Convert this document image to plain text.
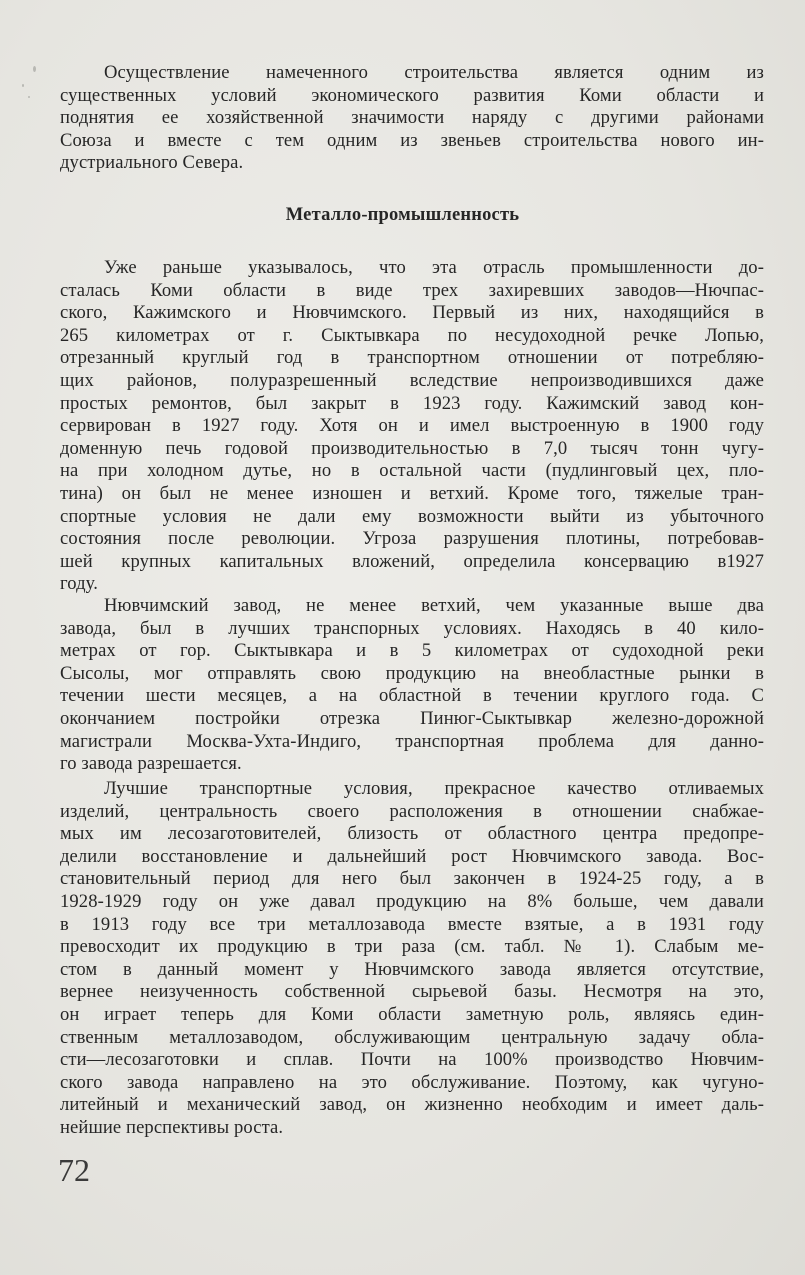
Осуществление намеченного строительства является одним из
существенных условий экономического развития Коми области и
поднятия ее хозяйственной значимости наряду с другими районами
Союза и вместе с тем одним из звеньев строительства нового ин-
дустриального Севера.
Металло-промышленность
Уже раньше указывалось, что эта отрасль промышленности до-
сталась Коми области в виде трех захиревших заводов—Нючпас-
ского, Кажимского и Нювчимского. Первый из них, находящийся в
265 километрах от г. Сыктывкара по несудоходной речке Лопью,
отрезанный круглый год в транспортном отношении от потребляю-
щих районов, полуразрешенный вследствие непроизводившихся даже
простых ремонтов, был закрыт в 1923 году. Кажимский завод кон-
сервирован в 1927 году. Хотя он и имел выстроенную в 1900 году
доменную печь годовой производительностью в 7,0 тысяч тонн чугу-
на при холодном дутье, но в остальной части (пудлинговый цех, пло-
тина) он был не менее изношен и ветхий. Кроме того, тяжелые тран-
спортные условия не дали ему возможности выйти из убыточного
состояния после революции. Угроза разрушения плотины, потребовав-
шей крупных капитальных вложений, определила консервацию в1927
году.
Нювчимский завод, не менее ветхий, чем указанные выше два
завода, был в лучших транспорных условиях. Находясь в 40 кило-
метрах от гор. Сыктывкара и в 5 километрах от судоходной реки
Сысолы, мог отправлять свою продукцию на внеобластные рынки в
течении шести месяцев, а на областной в течении круглого года. С
окончанием постройки отрезка Пинюг-Сыктывкар железно-дорожной
магистрали Москва-Ухта-Индиго, транспортная проблема для данно-
го завода разрешается.
Лучшие транспортные условия, прекрасное качество отливаемых
изделий, центральность своего расположения в отношении снабжае-
мых им лесозаготовителей, близость от областного центра предопре-
делили восстановление и дальнейший рост Нювчимского завода. Вос-
становительный период для него был закончен в 1924-25 году, а в
1928-1929 году он уже давал продукцию на 8% больше, чем давали
в 1913 году все три металлозавода вместе взятые, а в 1931 году
превосходит их продукцию в три раза (см. табл. № 1). Слабым ме-
стом в данный момент у Нювчимского завода является отсутствие,
вернее неизученность собственной сырьевой базы. Несмотря на это,
он играет теперь для Коми области заметную роль, являясь един-
ственным металлозаводом, обслуживающим центральную задачу обла-
сти—лесозаготовки и сплав. Почти на 100% производство Нювчим-
ского завода направлено на это обслуживание. Поэтому, как чугуно-
литейный и механический завод, он жизненно необходим и имеет даль-
нейшие перспективы роста.
72
